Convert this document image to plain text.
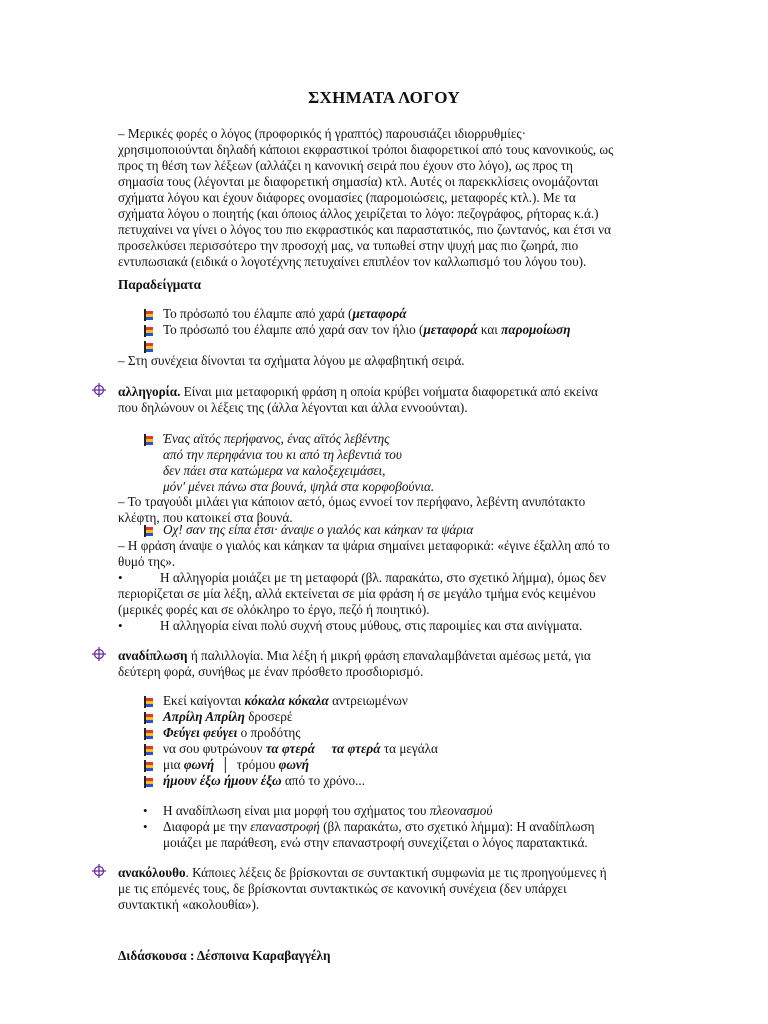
ΣΧΗΜΑΤΑ ΛΟΓΟΥ
– Μερικές φορές ο λόγος (προφορικός ή γραπτός) παρουσιάζει ιδιορρυθμίες·
χρησιμοποιούνται δηλαδή κάποιοι εκφραστικοί τρόποι διαφορετικοί από τους κανονικούς, ως
προς τη θέση των λέξεων (αλλάζει η κανονική σειρά που έχουν στο λόγο), ως προς τη
σημασία τους (λέγονται με διαφορετική σημασία) κτλ. Αυτές οι παρεκκλίσεις ονομάζονται
σχήματα λόγου και έχουν διάφορες ονομασίες (παρομοιώσεις, μεταφορές κτλ.). Με τα
σχήματα λόγου ο ποιητής (και όποιος άλλος χειρίζεται το λόγο: πεζογράφος, ρήτορας κ.ά.)
πετυχαίνει να γίνει ο λόγος του πιο εκφραστικός και παραστατικός, πιο ζωντανός, και έτσι να
προσελκύσει περισσότερο την προσοχή μας, να τυπωθεί στην ψυχή μας πιο ζωηρά, πιο
εντυπωσιακά (ειδικά ο λογοτέχνης πετυχαίνει επιπλέον τον καλλωπισμό του λόγου του).
Παραδείγματα
Το πρόσωπό του έλαμπε από χαρά (μεταφορά
Το πρόσωπό του έλαμπε από χαρά σαν τον ήλιο (μεταφορά και παρομοίωση
– Στη συνέχεια δίνονται τα σχήματα λόγου με αλφαβητική σειρά.
αλληγορία. Είναι μια μεταφορική φράση η οποία κρύβει νοήματα διαφορετικά από εκείνα
που δηλώνουν οι λέξεις της (άλλα λέγονται και άλλα εννοούνται).
Ένας αϊτός περήφανος, ένας αϊτός λεβέντης
από την περηφάνια του κι από τη λεβεντιά του
δεν πάει στα κατώμερα να καλοξεχειμάσει,
μόν' μένει πάνω στα βουνά, ψηλά στα κορφοβούνια.
– Το τραγούδι μιλάει για κάποιον αετό, όμως εννοεί τον περήφανο, λεβέντη ανυπότακτο
κλέφτη, που κατοικεί στα βουνά.
Οχ! σαν της είπα έτσι· άναψε ο γιαλός και κάηκαν τα ψάρια
– Η φράση άναψε ο γιαλός και κάηκαν τα ψάρια σημαίνει μεταφορικά: «έγινε έξαλλη από το
θυμό της».
•	Η αλληγορία μοιάζει με τη μεταφορά (βλ. παρακάτω, στο σχετικό λήμμα), όμως δεν
περιορίζεται σε μία λέξη, αλλά εκτείνεται σε μία φράση ή σε μεγάλο τμήμα ενός κειμένου
(μερικές φορές και σε ολόκληρο το έργο, πεζό ή ποιητικό).
•	Η αλληγορία είναι πολύ συχνή στους μύθους, στις παροιμίες και στα αινίγματα.
αναδίπλωση ή παλιλλογία. Μια λέξη ή μικρή φράση επαναλαμβάνεται αμέσως μετά, για
δεύτερη φορά, συνήθως με έναν πρόσθετο προσδιορισμό.
Εκεί καίγονται κόκαλα κόκαλα αντρειωμένων
Απρίλη Απρίλη δροσερέ
Φεύγει φεύγει ο προδότης
να σου φυτρώνουν τα φτερά     τα φτερά τα μεγάλα
μια φωνή  │  τρόμου φωνή
ήμουν έξω ήμουν έξω από το χρόνο...
• Η αναδίπλωση είναι μια μορφή του σχήματος του πλεονασμού
• Διαφορά με την επαναστροφή (βλ παρακάτω, στο σχετικό λήμμα): Η αναδίπλωση
μοιάζει με παράθεση, ενώ στην επαναστροφή συνεχίζεται ο λόγος παρατακτικά.
ανακόλουθο. Κάποιες λέξεις δε βρίσκονται σε συντακτική συμφωνία με τις προηγούμενες ή
με τις επόμενές τους, δε βρίσκονται συντακτικώς σε κανονική συνέχεια (δεν υπάρχει
συντακτική «ακολουθία»).
Διδάσκουσα : Δέσποινα Καραβαγγέλη
